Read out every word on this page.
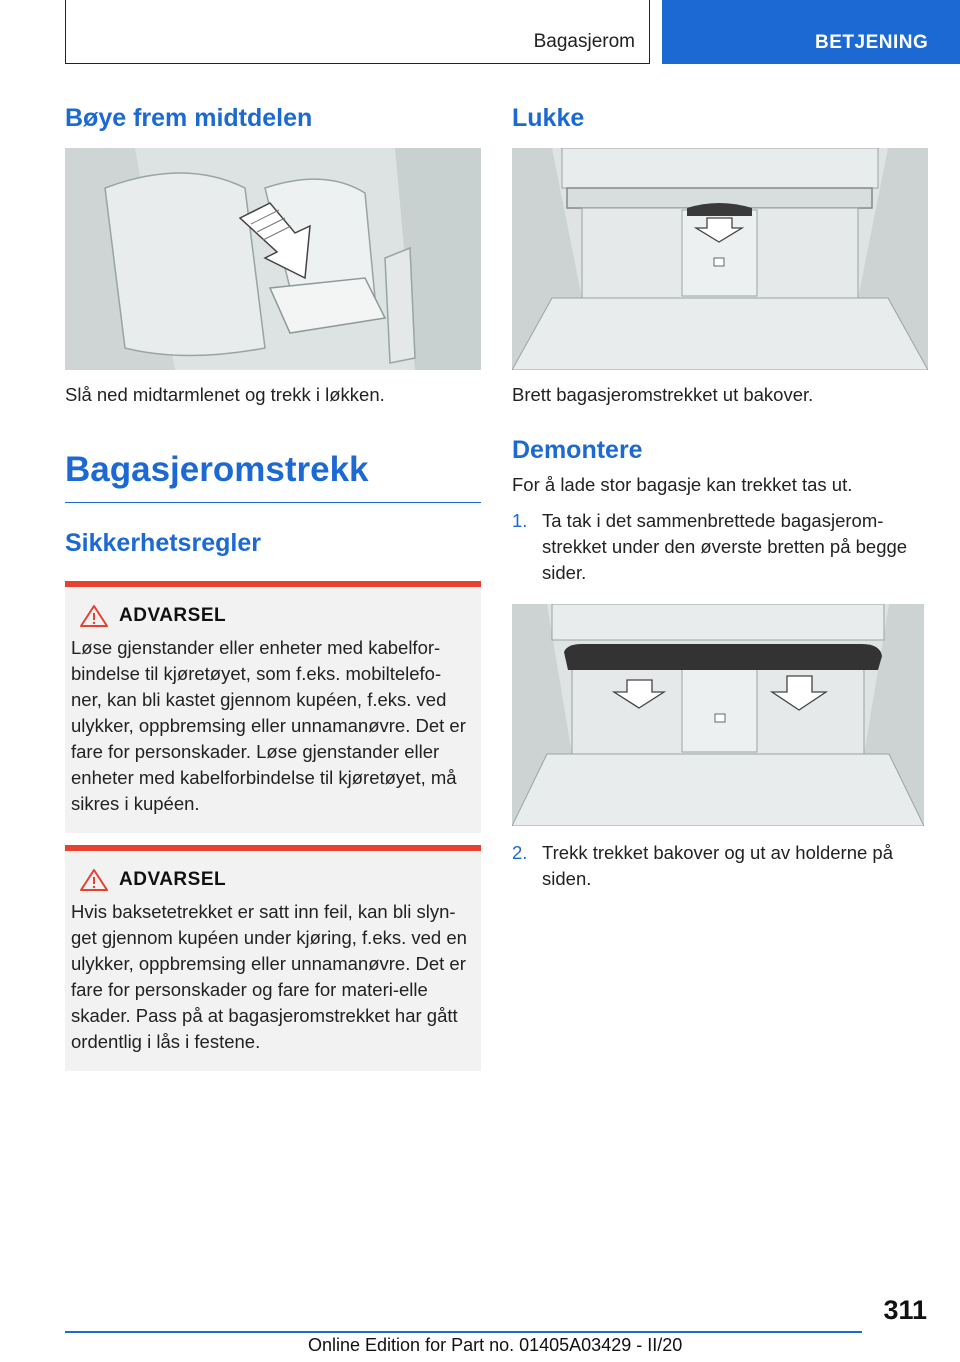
Bagasjerom	BETJENING
Bøye frem midtdelen

Slå ned midtarmlenet og trekk i løkken.

Bagasjeromstrekk
Sikkerhetsregler
ADVARSEL

Løse gjenstander eller enheter med kabelfor-bindelse til kjøretøyet, som f.eks. mobiltelefo-ner, kan bli kastet gjennom kupéen, f.eks. ved ulykker, oppbremsing eller unnamanøvre. Det er fare for personskader. Løse gjenstander eller enheter med kabelforbindelse til kjøretøyet, må sikres i kupéen.

ADVARSEL

Hvis baksetetrekket er satt inn feil, kan bli slyn-get gjennom kupéen under kjøring, f.eks. ved en ulykker, oppbremsing eller unnamanøvre. Det er fare for personskader og fare for materi-elle skader. Pass på at bagasjeromstrekket har gått ordentlig i lås i festene.

Lukke

Brett bagasjeromstrekket ut bakover.

Demontere

For å lade stor bagasje kan trekket tas ut.

1. Ta tak i det sammenbrettede bagasjerom-strekket under den øverste bretten på begge sider.
2. Trekk trekket bakover og ut av holderne på siden.
311
Online Edition for Part no. 01405A03429 - II/20
